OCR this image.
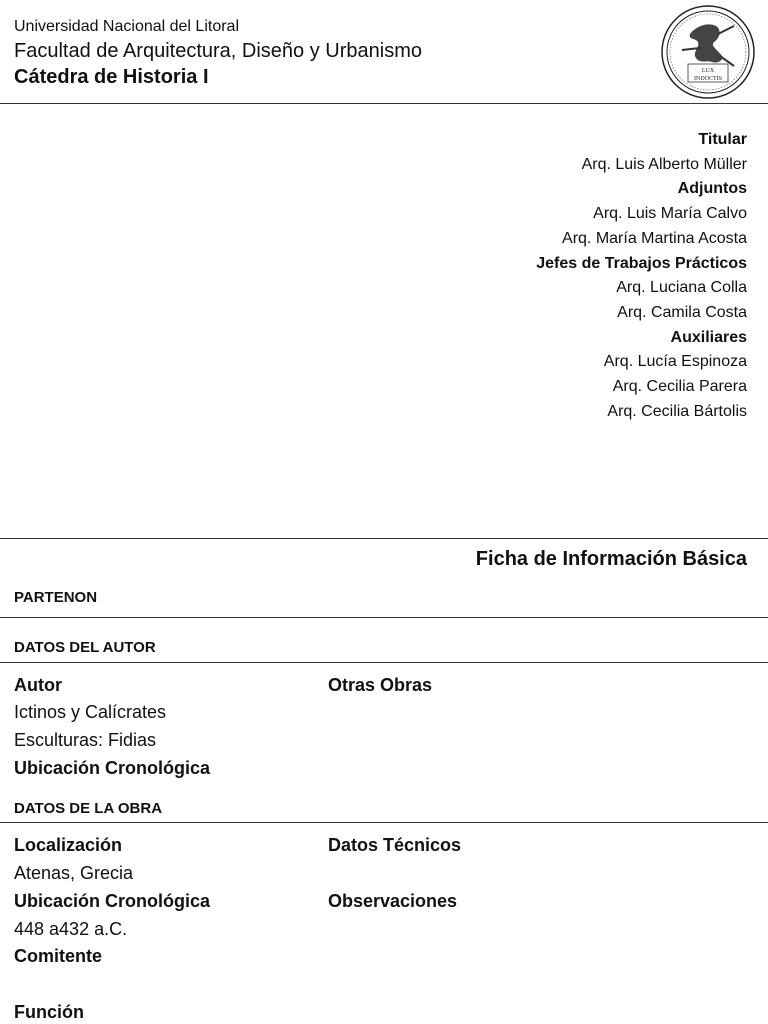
Universidad Nacional del Litoral
Facultad de Arquitectura, Diseño y Urbanismo
Cátedra de Historia I	LUX
INDOCTIS
Titular
Arq. Luis Alberto Müller
Adjuntos
Arq. Luis María Calvo
Arq. María Martina Acosta
Jefes de Trabajos Prácticos
Arq. Luciana Colla
Arq. Camila Costa
Auxiliares
Arq. Lucía Espinoza
Arq. Cecilia Parera
Arq. Cecilia Bártolis
Ficha de Información Básica
PARTENON
DATOS DEL AUTOR
Autor
Ictinos y Calícrates
Esculturas: Fidias
Ubicación Cronológica
Otras Obras
DATOS DE LA OBRA
Localización
Atenas, Grecia
Ubicación Cronológica
448 a432 a.C.
Comitente
Función
Datos Técnicos
Observaciones
